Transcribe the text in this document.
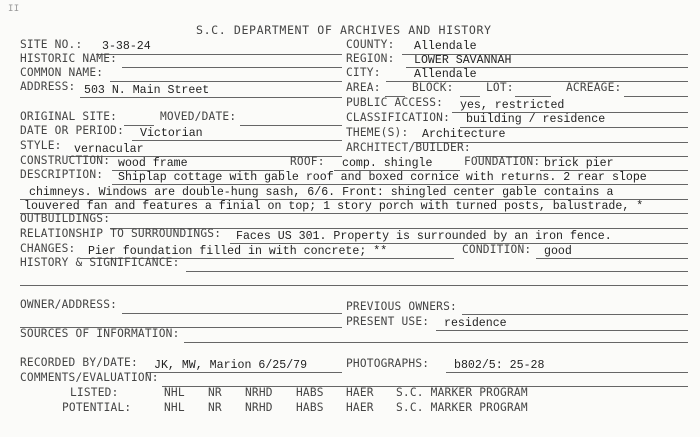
II
S.C. DEPARTMENT OF ARCHIVES AND HISTORY
SITE NO.: 3-38-24	COUNTY: Allendale
HISTORIC NAME:	REGION: LOWER SAVANNAH
COMMON NAME:	CITY:	Allendale
ADDRESS: 503 N. Main Street	AREA:	BLOCK:	LOT:	ACREAGE:
PUBLIC ACCESS: yes, restricted
ORIGINAL SITE:	MOVED/DATE:	CLASSIFICATION: building / residence
DATE OR PERIOD: Victorian	THEME(S): Architecture
STYLE: vernacular	ARCHITECT/BUILDER:
CONSTRUCTION: wood frame	ROOF: comp. shingle	FOUNDATION: brick pier
DESCRIPTION: Shiplap cottage with gable roof and boxed cornice with returns. 2 rear slope
chimneys. Windows are double-hung sash, 6/6. Front: shingled center gable contains a
louvered fan and features a finial on top; 1 story porch with turned posts, balustrade, *
OUTBUILDINGS:
RELATIONSHIP TO SURROUNDINGS: Faces US 301. Property is surrounded by an iron fence.
CHANGES: Pier foundation filled in with concrete; **	CONDITION: good
HISTORY & SIGNIFICANCE:
OWNER/ADDRESS:	PREVIOUS OWNERS:
PRESENT USE: residence
SOURCES OF INFORMATION:
RECORDED BY/DATE: JK, MW, Marion 6/25/79	PHOTOGRAPHS: b802/5: 25-28
COMMENTS/EVALUATION:
LISTED:	NHL NR NRHD HABS HAER S.C. MARKER PROGRAM
POTENTIAL:	NHL NR NRHD HABS HAER S.C. MARKER PROGRAM
